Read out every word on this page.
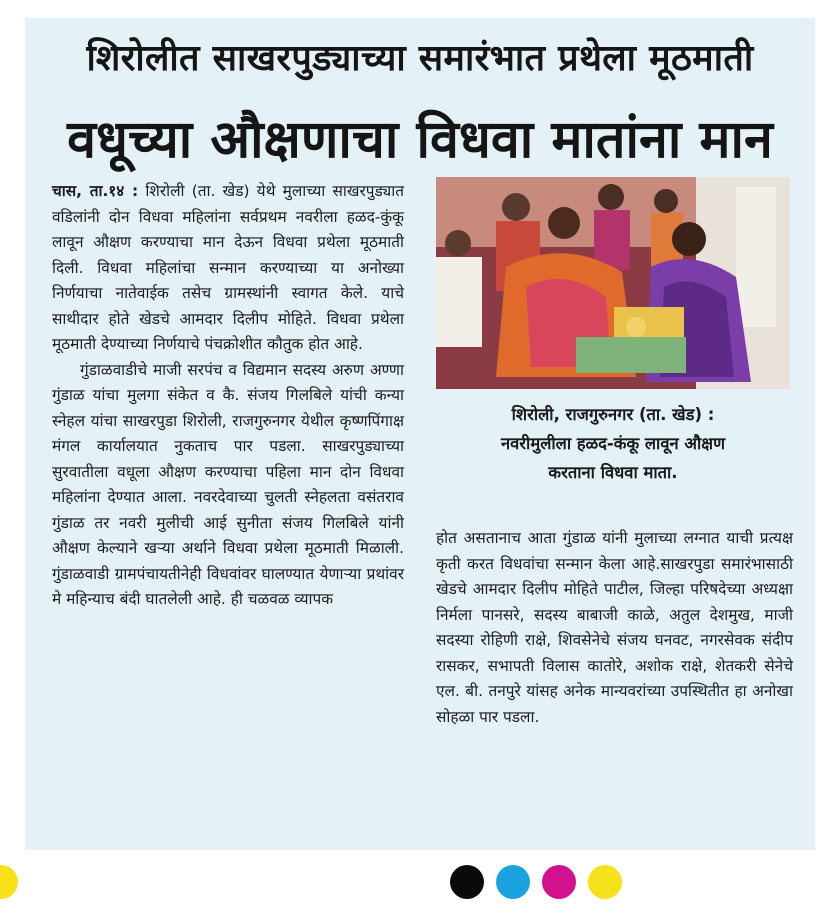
शिरोलीत साखरपुड्याच्या समारंभात प्रथेला मूठमाती
वधूच्या औक्षणाचा विधवा मातांना मान

चास, ता.१४ : शिरोली (ता. खेड) येथे मुलाच्या साखरपुड्यात वडिलांनी दोन विधवा महिलांना सर्वप्रथम नवरीला हळद-कुंकू लावून औक्षण करण्याचा मान देऊन विधवा प्रथेला मूठमाती दिली. विधवा महिलांचा सन्मान करण्याच्या या अनोख्या निर्णयाचा नातेवाईक तसेच ग्रामस्थांनी स्वागत केले. याचे साथीदार होते खेडचे आमदार दिलीप मोहिते. विधवा प्रथेला मूठमाती देण्याच्या निर्णयाचे पंचक्रोशीत कौतुक होत आहे.

गुंडाळवाडीचे माजी सरपंच व विद्यमान सदस्य अरुण अण्णा गुंडाळ यांचा मुलगा संकेत व कै. संजय गिलबिले यांची कन्या स्नेहल यांचा साखरपुडा शिरोली, राजगुरुनगर येथील कृष्णपिंगाक्ष मंगल कार्यालयात नुकताच पार पडला. साखरपुड्याच्या सुरवातीला वधूला औक्षण करण्याचा पहिला मान दोन विधवा महिलांना देण्यात आला. नवरदेवाच्या चुलती स्नेहलता वसंतराव गुंडाळ तर नवरी मुलीची आई सुनीता संजय गिलबिले यांनी औक्षण केल्याने खऱ्या अर्थाने विधवा प्रथेला मूठमाती मिळाली. गुंडाळवाडी ग्रामपंचायतीनेही विधवांवर घालण्यात येणाऱ्या प्रथांवर मे महिन्याच बंदी घातलेली आहे. ही चळवळ व्यापक

शिरोली, राजगुरुनगर (ता. खेड) :
नवरीमुलीला हळद-कंकू लावून औक्षण
करताना विधवा माता.

होत असतानाच आता गुंडाळ यांनी मुलाच्या लग्नात याची प्रत्यक्ष कृती करत विधवांचा सन्मान केला आहे.साखरपुडा समारंभासाठी खेडचे आमदार दिलीप मोहिते पाटील, जिल्हा परिषदेच्या अध्यक्षा निर्मला पानसरे, सदस्य बाबाजी काळे, अतुल देशमुख, माजी सदस्या रोहिणी राक्षे, शिवसेनेचे संजय घनवट, नगरसेवक संदीप रासकर, सभापती विलास कातोरे, अशोक राक्षे, शेतकरी सेनेचे एल. बी. तनपुरे यांसह अनेक मान्यवरांच्या उपस्थितीत हा अनोखा सोहळा पार पडला.
